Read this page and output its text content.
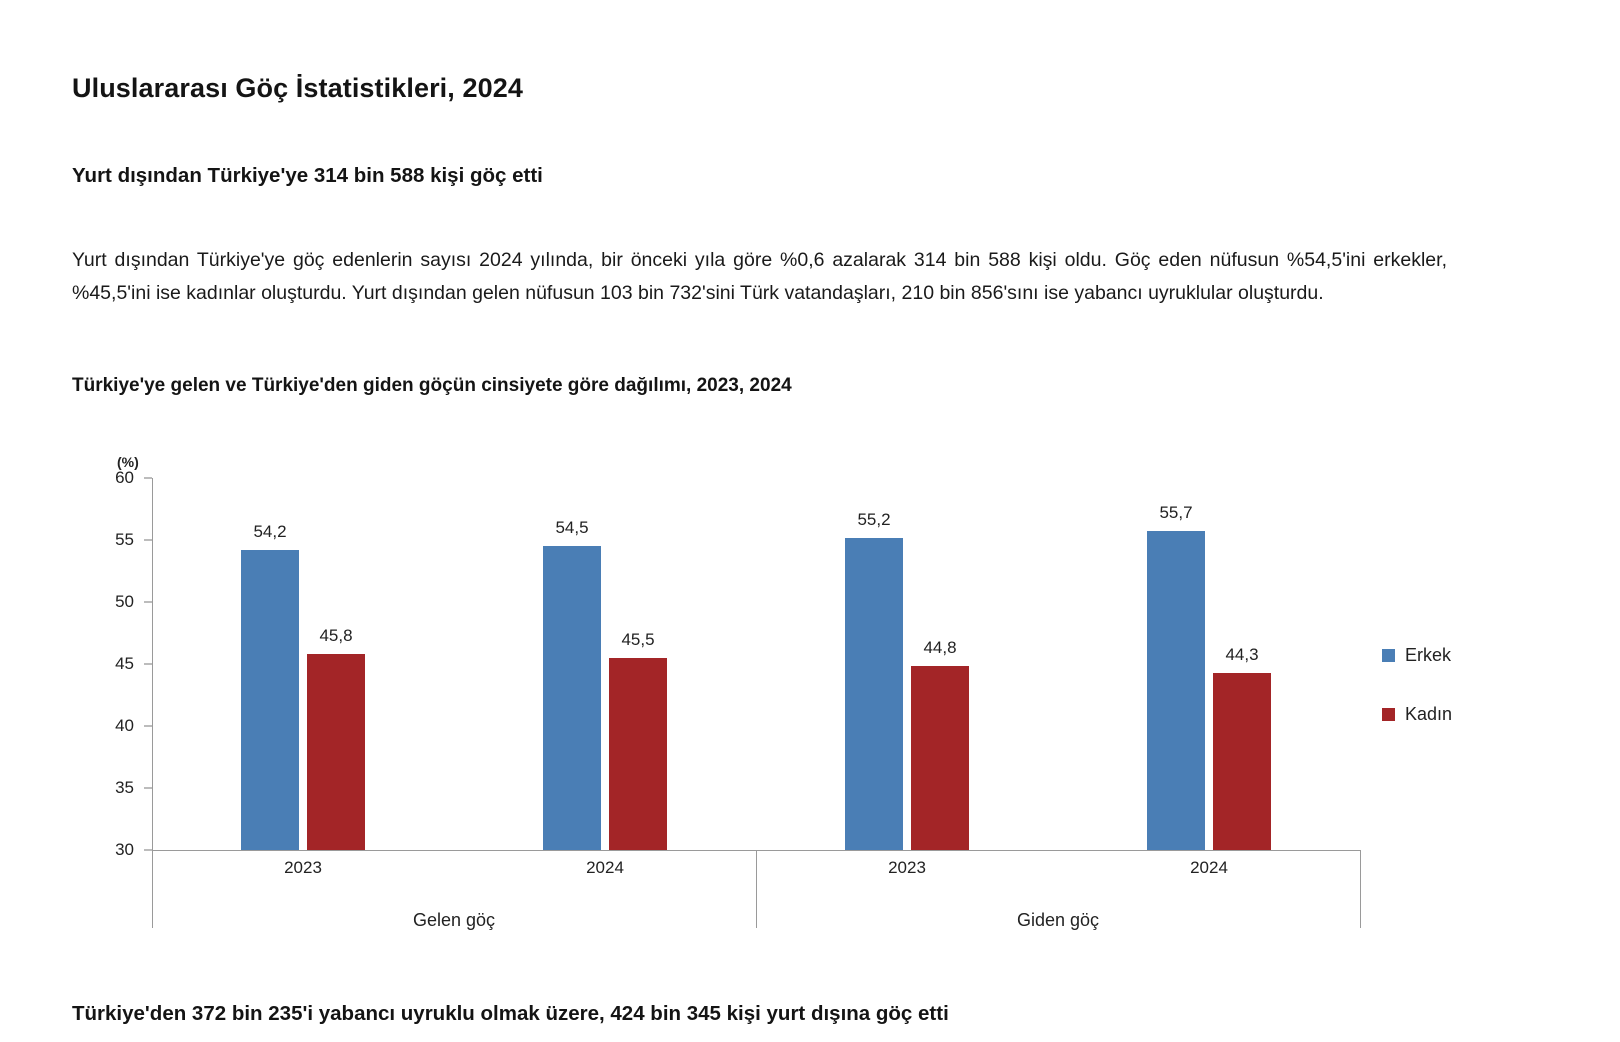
Uluslararası Göç İstatistikleri, 2024
Yurt dışından Türkiye'ye 314 bin 588 kişi göç etti

Yurt dışından Türkiye'ye göç edenlerin sayısı 2024 yılında, bir önceki yıla göre %0,6 azalarak 314 bin 588 kişi oldu. Göç eden nüfusun %54,5'ini erkekler, %45,5'ini ise kadınlar oluşturdu. Yurt dışından gelen nüfusun 103 bin 732'sini Türk vatandaşları, 210 bin 856'sını ise yabancı uyruklular oluşturdu.

Türkiye'ye gelen ve Türkiye'den giden göçün cinsiyete göre dağılımı, 2023, 2024
(%)
30
35
40
45
50
55
60
54,2
45,8
54,5
45,5
55,2
44,8
55,7
44,3	Erkek
Kadın
2023	2024	2023	2024
Gelen göç	Giden göç
Türkiye'den 372 bin 235'i yabancı uyruklu olmak üzere, 424 bin 345 kişi yurt dışına göç etti
